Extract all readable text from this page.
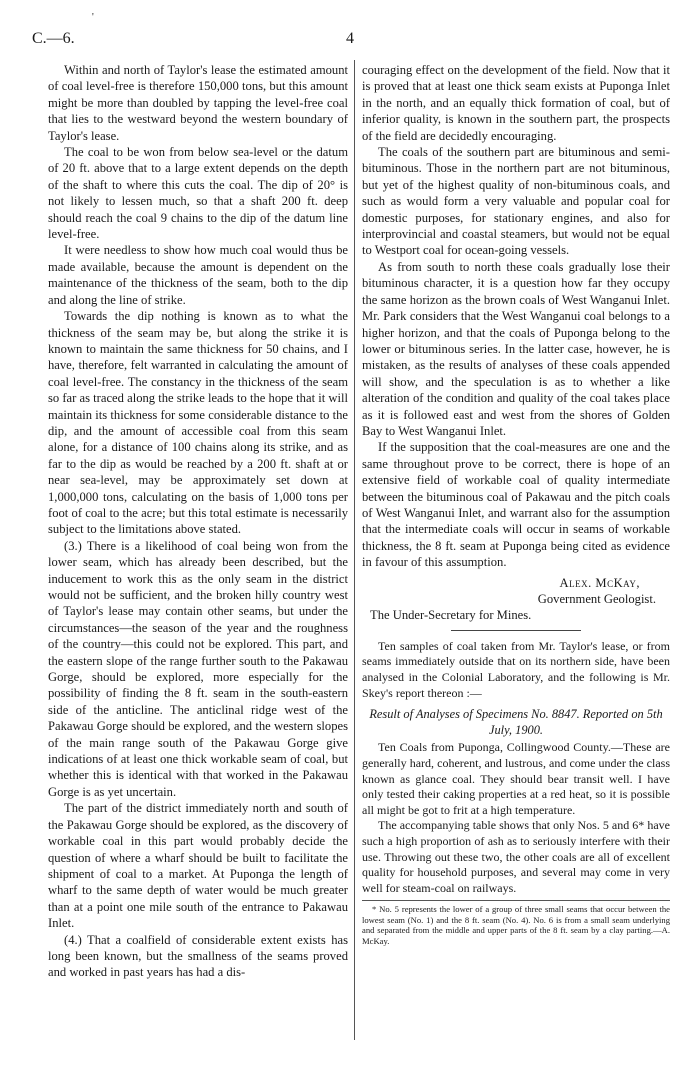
'
C.—6.	4

Within and north of Taylor's lease the estimated amount of coal level-free is therefore 150,000 tons, but this amount might be more than doubled by tapping the level-free coal that lies to the westward beyond the western boundary of Taylor's lease.

The coal to be won from below sea-level or the datum of 20 ft. above that to a large extent depends on the depth of the shaft to where this cuts the coal. The dip of 20° is not likely to lessen much, so that a shaft 200 ft. deep should reach the coal 9 chains to the dip of the datum line level-free.

It were needless to show how much coal would thus be made available, because the amount is dependent on the maintenance of the thickness of the seam, both to the dip and along the line of strike.

Towards the dip nothing is known as to what the thickness of the seam may be, but along the strike it is known to maintain the same thickness for 50 chains, and I have, therefore, felt warranted in calculating the amount of coal level-free. The constancy in the thickness of the seam so far as traced along the strike leads to the hope that it will maintain its thickness for some considerable distance to the dip, and the amount of accessible coal from this seam alone, for a distance of 100 chains along its strike, and as far to the dip as would be reached by a 200 ft. shaft at or near sea-level, may be approximately set down at 1,000,000 tons, calculating on the basis of 1,000 tons per foot of coal to the acre; but this total estimate is necessarily subject to the limitations above stated.

(3.) There is a likelihood of coal being won from the lower seam, which has already been described, but the inducement to work this as the only seam in the district would not be sufficient, and the broken hilly country west of Taylor's lease may contain other seams, but under the circumstances—the season of the year and the roughness of the country—this could not be explored. This part, and the eastern slope of the range further south to the Pakawau Gorge, should be explored, more especially for the possibility of finding the 8 ft. seam in the south-eastern side of the anticline. The anticlinal ridge west of the Pakawau Gorge should be explored, and the western slopes of the main range south of the Pakawau Gorge give indications of at least one thick workable seam of coal, but whether this is identical with that worked in the Pakawau Gorge is as yet uncertain.

The part of the district immediately north and south of the Pakawau Gorge should be explored, as the discovery of workable coal in this part would probably decide the question of where a wharf should be built to facilitate the shipment of coal to a market. At Puponga the length of wharf to the same depth of water would be much greater than at a point one mile south of the entrance to Pakawau Inlet.

(4.) That a coalfield of considerable extent exists has long been known, but the smallness of the seams proved and worked in past years has had a dis-

couraging effect on the development of the field. Now that it is proved that at least one thick seam exists at Puponga Inlet in the north, and an equally thick formation of coal, but of inferior quality, is known in the southern part, the prospects of the field are decidedly encouraging.

The coals of the southern part are bituminous and semi-bituminous. Those in the northern part are not bituminous, but yet of the highest quality of non-bituminous coals, and such as would form a very valuable and popular coal for domestic purposes, for stationary engines, and also for interprovincial and coastal steamers, but would not be equal to Westport coal for ocean-going vessels.

As from south to north these coals gradually lose their bituminous character, it is a question how far they occupy the same horizon as the brown coals of West Wanganui Inlet. Mr. Park considers that the West Wanganui coal belongs to a higher horizon, and that the coals of Puponga belong to the lower or bituminous series. In the latter case, however, he is mistaken, as the results of analyses of these coals appended will show, and the speculation is as to whether a like alteration of the condition and quality of the coal takes place as it is followed east and west from the shores of Golden Bay to West Wanganui Inlet.

If the supposition that the coal-measures are one and the same throughout prove to be correct, there is hope of an extensive field of workable coal of quality intermediate between the bituminous coal of Pakawau and the pitch coals of West Wanganui Inlet, and warrant also for the assumption that the intermediate coals will occur in seams of workable thickness, the 8 ft. seam at Puponga being cited as evidence in favour of this assumption.

Alex. McKay,
Government Geologist.

The Under-Secretary for Mines.

Ten samples of coal taken from Mr. Taylor's lease, or from seams immediately outside that on its northern side, have been analysed in the Colonial Laboratory, and the following is Mr. Skey's report thereon :—

Result of Analyses of Specimens No. 8847. Reported on 5th July, 1900.

Ten Coals from Puponga, Collingwood County.—These are generally hard, coherent, and lustrous, and come under the class known as glance coal. They should bear transit well. I have only tested their caking properties at a red heat, so it is possible all might be got to frit at a high temperature.

The accompanying table shows that only Nos. 5 and 6* have such a high proportion of ash as to seriously interfere with their use. Throwing out these two, the other coals are all of excellent quality for household purposes, and several may come in very well for steam-coal on railways.

* No. 5 represents the lower of a group of three small seams that occur between the lowest seam (No. 1) and the 8 ft. seam (No. 4). No. 6 is from a small seam underlying and separated from the middle and upper parts of the 8 ft. seam by a clay parting.—A. McKay.
